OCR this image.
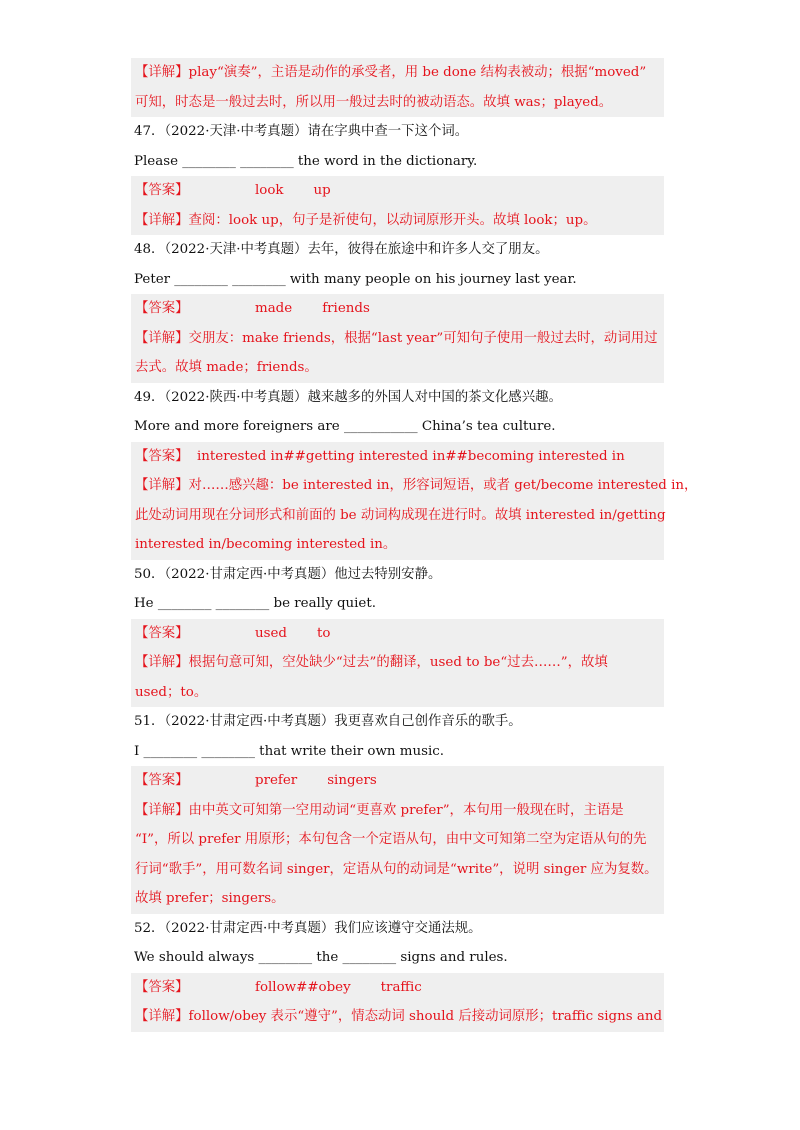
【详解】play“演奏”，主语是动作的承受者，用 be done 结构表被动；根据“moved”
可知，时态是一般过去时，所以用一般过去时的被动语态。故填 was；played。
47．（2022·天津·中考真题）请在字典中查一下这个词。
Please ________ ________ the word in the dictionary.
【答案】	look up
【详解】查阅：look up，句子是祈使句，以动词原形开头。故填 look；up。
48．（2022·天津·中考真题）去年，彼得在旅途中和许多人交了朋友。
Peter ________ ________ with many people on his journey last year.
【答案】	made friends
【详解】交朋友：make friends，根据“last year”可知句子使用一般过去时，动词用过
去式。故填 made；friends。
49．（2022·陕西·中考真题）越来越多的外国人对中国的茶文化感兴趣。
More and more foreigners are ___________ China’s tea culture.
【答案】 interested in##getting interested in##becoming interested in
【详解】对……感兴趣：be interested in，形容词短语，或者 get/become interested in，
此处动词用现在分词形式和前面的 be 动词构成现在进行时。故填 interested in/getting
interested in/becoming interested in。
50．（2022·甘肃定西·中考真题）他过去特别安静。
He ________ ________ be really quiet.
【答案】	used to
【详解】根据句意可知，空处缺少“过去”的翻译，used to be“过去……”，故填
used；to。
51．（2022·甘肃定西·中考真题）我更喜欢自己创作音乐的歌手。
I ________ ________ that write their own music.
【答案】	prefer singers
【详解】由中英文可知第一空用动词“更喜欢 prefer”，本句用一般现在时，主语是
“I”，所以 prefer 用原形；本句包含一个定语从句，由中文可知第二空为定语从句的先
行词“歌手”，用可数名词 singer，定语从句的动词是“write”，说明 singer 应为复数。
故填 prefer；singers。
52．（2022·甘肃定西·中考真题）我们应该遵守交通法规。
We should always ________ the ________ signs and rules.
【答案】	follow##obey traffic
【详解】follow/obey 表示“遵守”，情态动词 should 后接动词原形；traffic signs and
